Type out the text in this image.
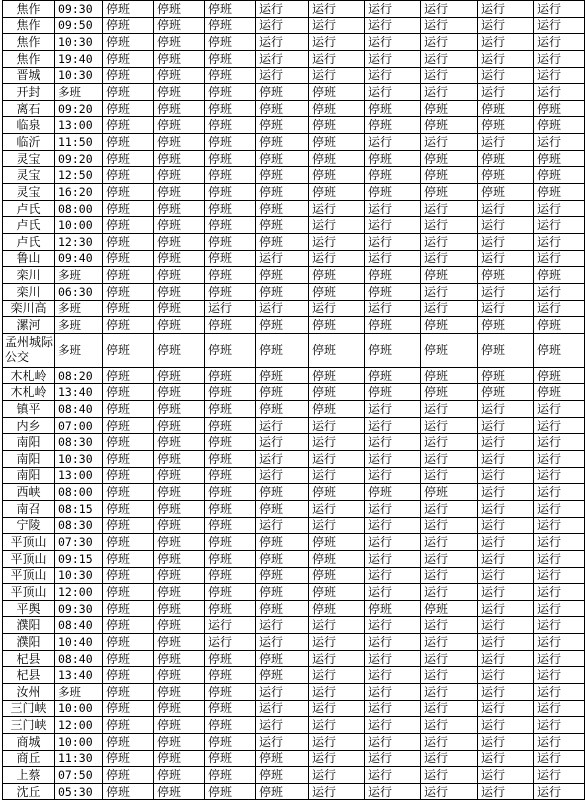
焦作	09:30	停班	停班	停班	运行	运行	运行	运行	运行	运行
焦作	09:50	停班	停班	停班	运行	运行	运行	运行	运行	运行
焦作	10:30	停班	停班	停班	运行	运行	运行	运行	运行	运行
焦作	19:40	停班	停班	停班	运行	运行	运行	运行	运行	运行
晋城	10:30	停班	停班	停班	运行	运行	运行	运行	运行	运行
开封	多班	停班	停班	停班	停班	停班	运行	运行	运行	运行
离石	09:20	停班	停班	停班	停班	停班	停班	停班	停班	停班
临泉	13:00	停班	停班	停班	停班	停班	停班	停班	停班	停班
临沂	11:50	停班	停班	停班	停班	停班	运行	运行	运行	运行
灵宝	09:20	停班	停班	停班	停班	停班	停班	停班	停班	停班
灵宝	12:50	停班	停班	停班	停班	停班	停班	停班	停班	停班
灵宝	16:20	停班	停班	停班	停班	停班	停班	停班	停班	停班
卢氏	08:00	停班	停班	停班	停班	运行	运行	运行	运行	运行
卢氏	10:00	停班	停班	停班	停班	运行	运行	运行	运行	运行
卢氏	12:30	停班	停班	停班	停班	运行	运行	运行	运行	运行
鲁山	09:40	停班	停班	停班	运行	运行	运行	运行	运行	运行
栾川	多班	停班	停班	停班	停班	停班	停班	停班	停班	停班
栾川	06:30	停班	停班	停班	停班	停班	停班	运行	运行	运行
栾川高	多班	停班	停班	运行	运行	运行	运行	运行	运行	运行
漯河	多班	停班	停班	停班	停班	停班	停班	停班	停班	停班
孟州城际公交	多班	停班	停班	停班	停班	停班	停班	停班	停班	停班
木札岭	08:20	停班	停班	停班	停班	停班	停班	停班	停班	停班
木札岭	13:40	停班	停班	停班	停班	停班	停班	停班	停班	停班
镇平	08:40	停班	停班	停班	停班	停班	运行	运行	运行	运行
内乡	07:00	停班	停班	停班	运行	运行	运行	运行	运行	运行
南阳	08:30	停班	停班	停班	运行	运行	运行	运行	运行	运行
南阳	10:30	停班	停班	停班	运行	运行	运行	运行	运行	运行
南阳	13:00	停班	停班	停班	运行	运行	运行	运行	运行	运行
西峡	08:00	停班	停班	停班	停班	停班	停班	停班	运行	运行
南召	08:15	停班	停班	停班	停班	运行	运行	运行	运行	运行
宁陵	08:30	停班	停班	停班	运行	运行	运行	运行	运行	运行
平顶山	07:30	停班	停班	停班	停班	停班	运行	运行	运行	运行
平顶山	09:15	停班	停班	停班	停班	停班	运行	运行	运行	运行
平顶山	10:30	停班	停班	停班	停班	停班	运行	运行	运行	运行
平顶山	12:00	停班	停班	停班	停班	停班	运行	运行	运行	运行
平舆	09:30	停班	停班	停班	停班	停班	停班	停班	运行	运行
濮阳	08:40	停班	停班	运行	运行	运行	运行	运行	运行	运行
濮阳	10:40	停班	停班	运行	运行	运行	运行	运行	运行	运行
杞县	08:40	停班	停班	停班	停班	运行	运行	运行	运行	运行
杞县	13:40	停班	停班	停班	停班	运行	运行	运行	运行	运行
汝州	多班	停班	停班	停班	运行	运行	运行	运行	运行	运行
三门峡	10:00	停班	停班	停班	运行	运行	运行	运行	运行	运行
三门峡	12:00	停班	停班	停班	运行	运行	运行	运行	运行	运行
商城	10:00	停班	停班	停班	运行	运行	运行	运行	运行	运行
商丘	11:30	停班	停班	停班	停班	运行	运行	运行	运行	运行
上蔡	07:50	停班	停班	停班	停班	运行	运行	运行	运行	运行
沈丘	05:30	停班	停班	停班	停班	运行	运行	运行	运行	运行
